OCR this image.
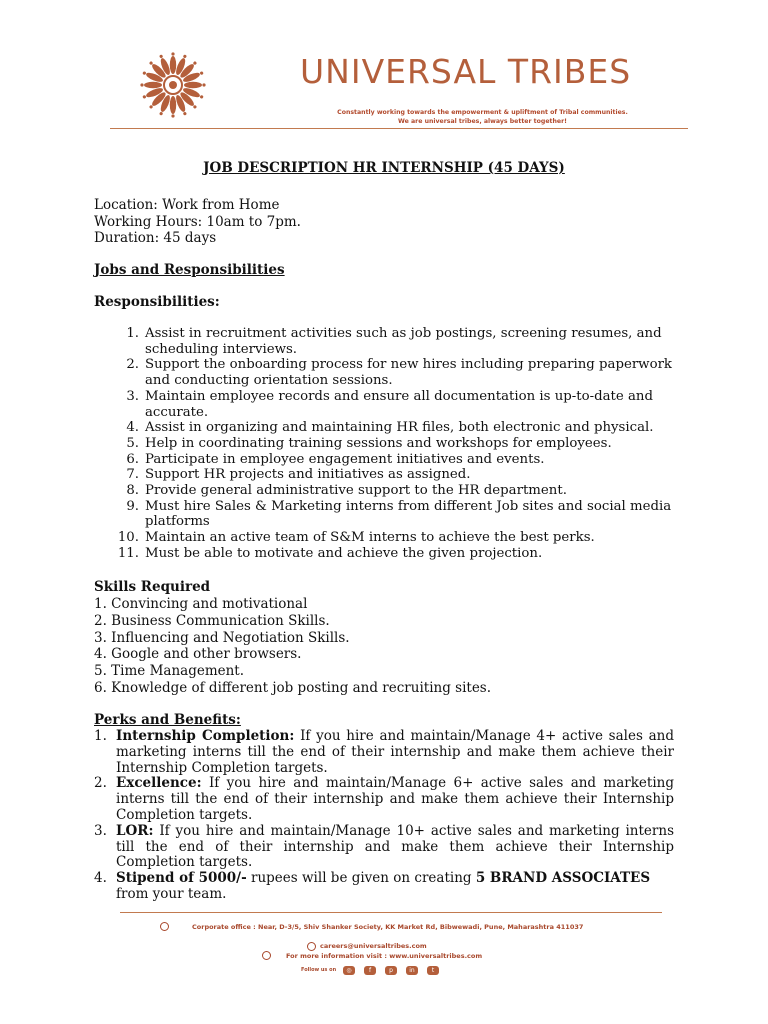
UNIVERSAL TRIBES
Constantly working towards the empowerment & upliftment of Tribal communities.
We are universal tribes, always better together!
JOB DESCRIPTION HR INTERNSHIP (45 DAYS)
Location: Work from Home
Working Hours: 10am to 7pm.
Duration: 45 days
Jobs and Responsibilities
Responsibilities:
1. Assist in recruitment activities such as job postings, screening resumes, and scheduling interviews.
2. Support the onboarding process for new hires including preparing paperwork and conducting orientation sessions.
3. Maintain employee records and ensure all documentation is up-to-date and accurate.
4. Assist in organizing and maintaining HR files, both electronic and physical.
5. Help in coordinating training sessions and workshops for employees.
6. Participate in employee engagement initiatives and events.
7. Support HR projects and initiatives as assigned.
8. Provide general administrative support to the HR department.
9. Must hire Sales & Marketing interns from different Job sites and social media platforms
10. Maintain an active team of S&M interns to achieve the best perks.
11. Must be able to motivate and achieve the given projection.
Skills Required
1. Convincing and motivational
2. Business Communication Skills.
3. Influencing and Negotiation Skills.
4. Google and other browsers.
5. Time Management.
6. Knowledge of different job posting and recruiting sites.
Perks and Benefits:
1. Internship Completion: If you hire and maintain/Manage 4+ active sales and marketing interns till the end of their internship and make them achieve their Internship Completion targets.
2. Excellence: If you hire and maintain/Manage 6+ active sales and marketing interns till the end of their internship and make them achieve their Internship Completion targets.
3. LOR: If you hire and maintain/Manage 10+ active sales and marketing interns till the end of their internship and make them achieve their Internship Completion targets.
4. Stipend of 5000/- rupees will be given on creating 5 BRAND ASSOCIATES
from your team.
Corporate office : Near, D-3/5, Shiv Shanker Society, KK Market Rd, Bibwewadi, Pune, Maharashtra 411037
careers@universaltribes.com
For more information visit : www.universaltribes.com
Follow us on	◎	f	p	in	t
